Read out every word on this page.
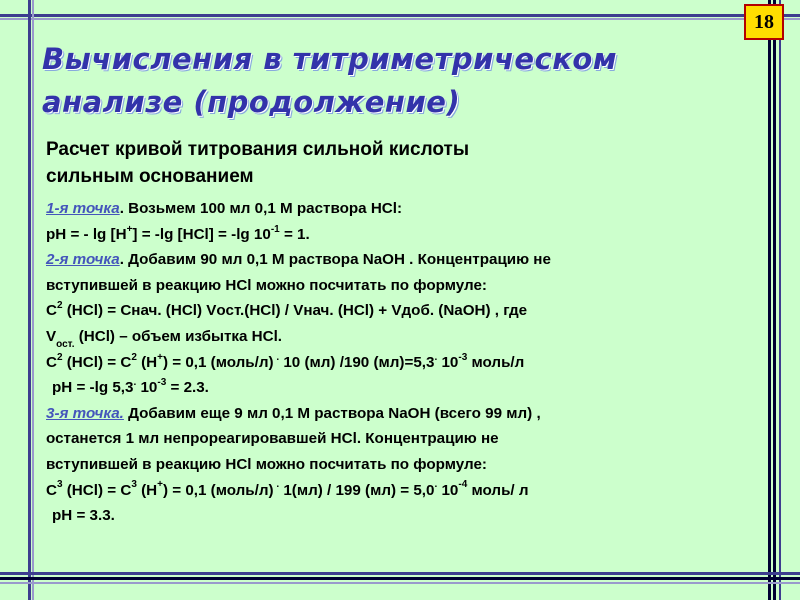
18
Вычисления в титриметрическом
анализе (продолжение)
Расчет кривой титрования сильной кислоты
сильным основанием
1-я точка. Возьмем 100 мл 0,1 М раствора HCl:
рН = - lg [H+] = -lg [HCl] = -lg $10^{-1} = 1$.
2-я точка. Добавим 90 мл 0,1 М раствора NaOH . Концентрацию не
вступившей в реакцию HCl можно посчитать по формуле:
$C^2$ (HCl) = Cнач. (HCl) Vост.(HCl) / Vнач. (HCl) + Vдоб. (NaOH) , где
$V_{ост.}$ (HCl) – объем избытка HCl.
$C^2$ $(HCl) = C^2$ (H+) = 0,1 (моль/л) . 10 (мл) /190 (мл)=5,3. $10^{-3}$ моль/л
pH = -lg 5,3. $10^{-3} = 2.3$.
3-я точка. Добавим еще 9 мл 0,1 М раствора NaOH (всего 99 мл) ,
останется 1 мл непрореагировавшей HCl. Концентрацию не
вступившей в реакцию HCl можно посчитать по формуле:
$C^3$ $(HCl) = C^3$ (H+) = 0,1 (моль/л) . 1(мл) / 199 (мл) = 5,0. $10^{-4}$ моль/ л
pH = 3.3.
